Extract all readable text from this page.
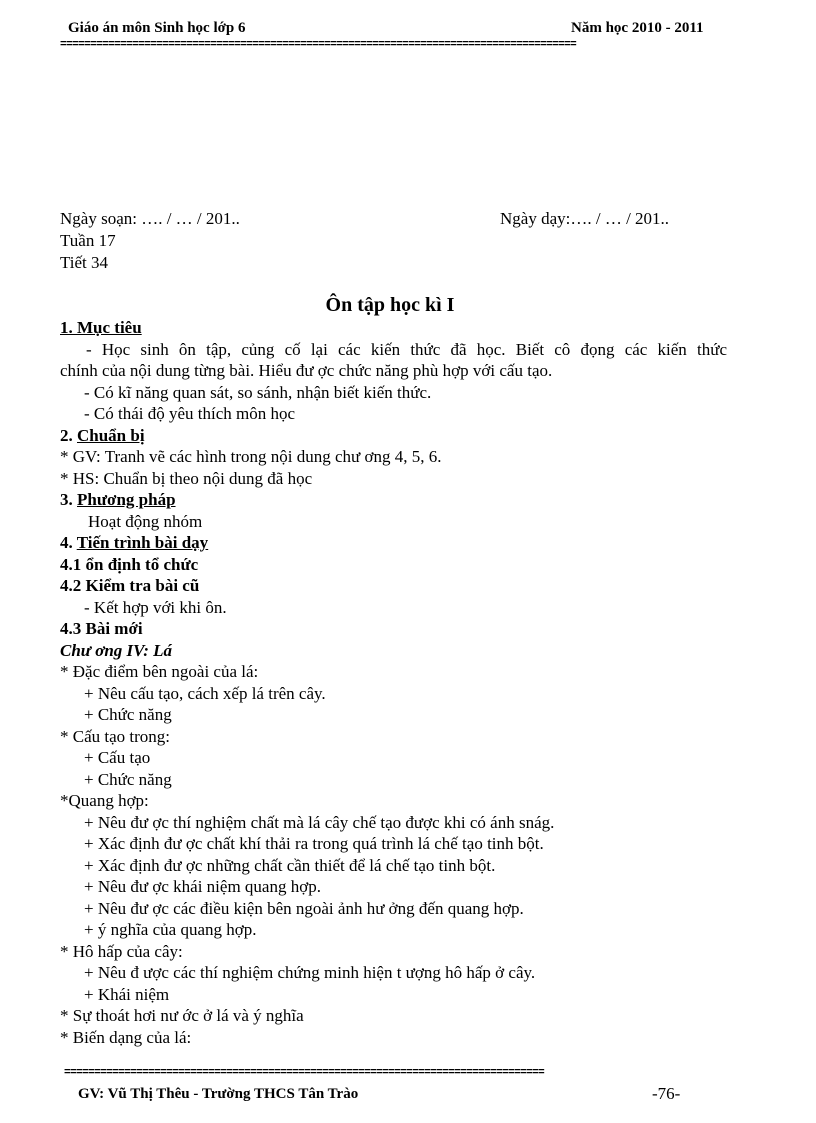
Giáo án môn Sinh học lớp 6	Năm học 2010 - 2011
======================================================================================
Ngày soạn: …. / … / 201..	Ngày dạy:…. / … / 201..
Tuần 17
Tiết 34
Ôn tập học kì I
1. Mục tiêu
- Học sinh ôn tập, củng cố lại các kiến thức đã học. Biết cô đọng các kiến thức
chính của nội dung từng bài. Hiểu đư ợc chức năng phù hợp với cấu tạo.
- Có kĩ năng quan sát, so sánh, nhận biết kiến thức.
- Có thái độ yêu thích môn học
2. Chuẩn bị
* GV: Tranh vẽ các hình trong nội dung chư ơng 4, 5, 6.
* HS: Chuẩn bị theo nội dung đã học
3. Phương pháp
Hoạt động nhóm
4. Tiến trình bài dạy
4.1 ổn định tổ chức
4.2 Kiểm tra bài cũ
- Kết hợp với khi ôn.
4.3 Bài mới
Chư ơng IV: Lá
* Đặc điểm bên ngoài của lá:
+ Nêu cấu tạo, cách xếp lá trên cây.
+ Chức năng
* Cấu tạo trong:
+ Cấu tạo
+ Chức năng
*Quang hợp:
+ Nêu đư ợc thí nghiệm chất mà lá cây chế tạo được khi có ánh snág.
+ Xác định đư ợc chất khí thải ra trong quá trình lá chế tạo tinh bột.
+ Xác định đư ợc những chất cần thiết để lá chế tạo tinh bột.
+ Nêu đư ợc khái niệm quang hợp.
+ Nêu đư ợc các điều kiện bên ngoài ảnh hư ởng đến quang hợp.
+ ý nghĩa của quang hợp.
* Hô hấp của cây:
+ Nêu đ ược các thí nghiệm chứng minh hiện t ượng hô hấp ở cây.
+ Khái niệm
* Sự thoát hơi nư ớc ở lá và ý nghĩa
* Biến dạng của lá:
================================================================================
GV: Vũ Thị Thêu - Trường THCS Tân Trào	-76-
